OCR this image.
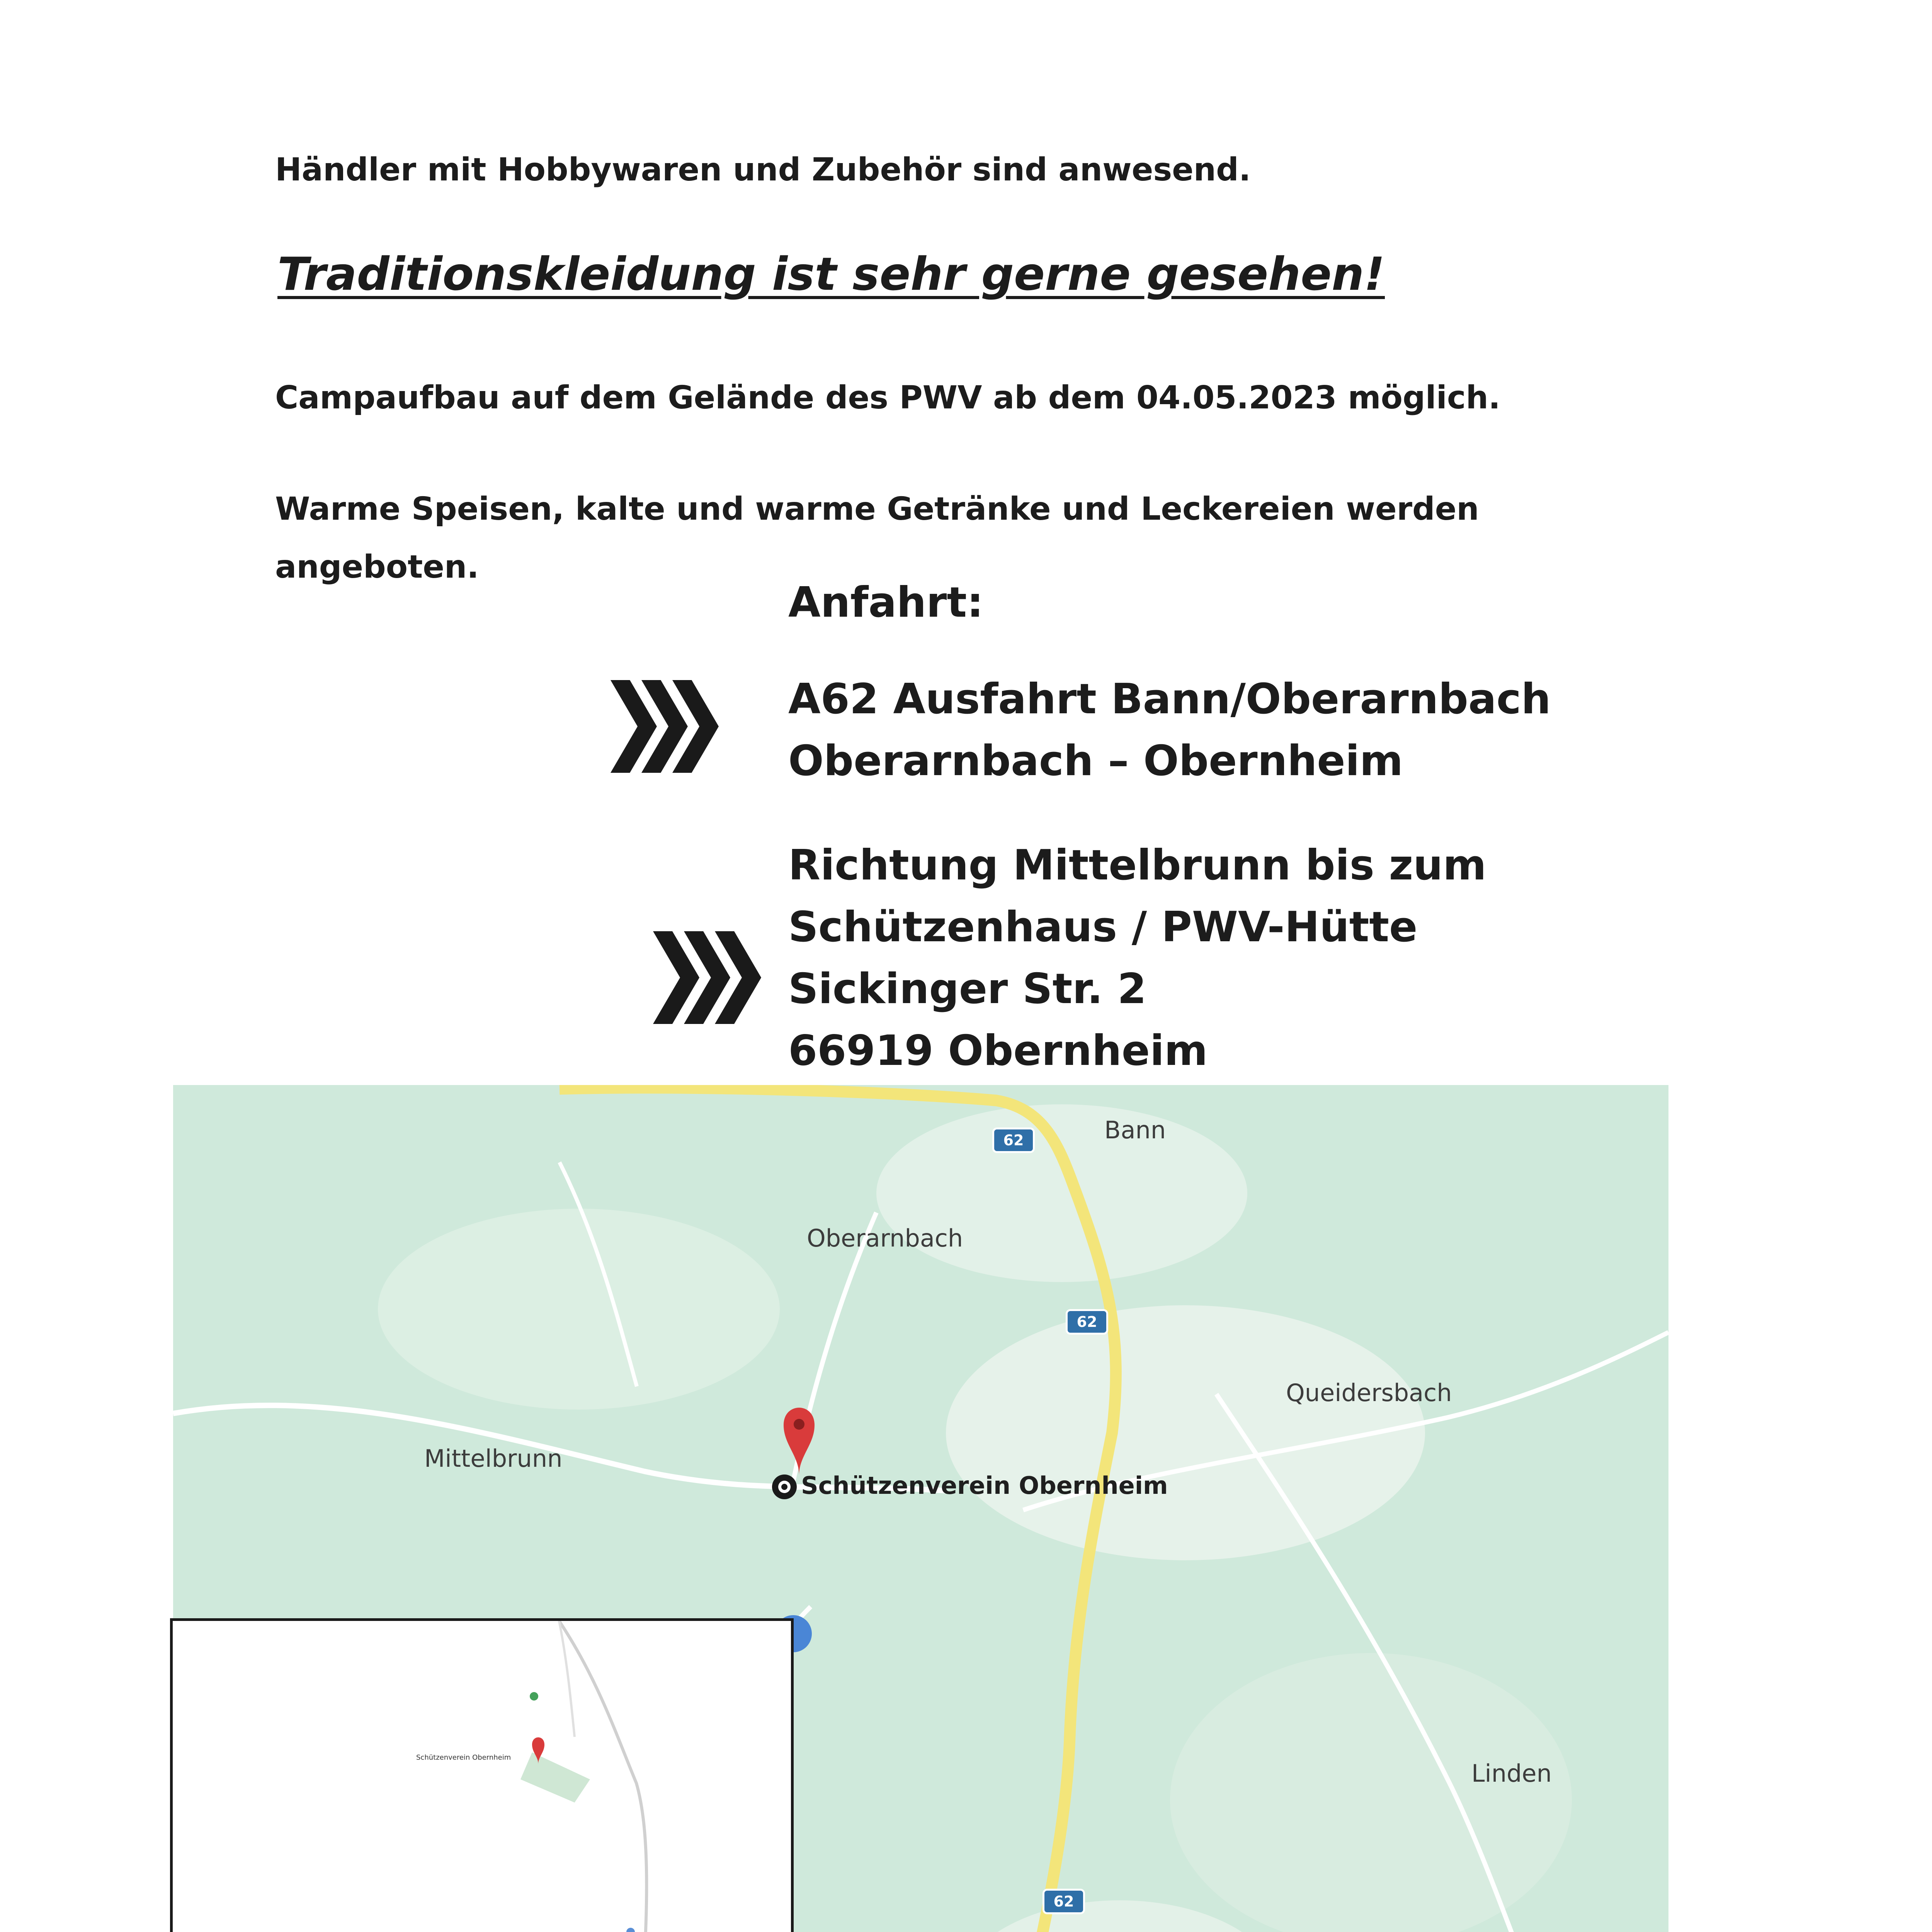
Händler mit Hobbywaren und Zubehör sind anwesend.
Traditionskleidung ist sehr gerne gesehen!
Campaufbau auf dem Gelände des PWV ab dem 04.05.2023 möglich.
Warme Speisen, kalte und warme Getränke und Leckereien werden
angeboten.
Anfahrt:
A62 Ausfahrt Bann/Oberarnbach
Oberarnbach – Obernheim
Richtung Mittelbrunn bis zum
Schützenhaus / PWV-Hütte
Sickinger Str. 2
66919 Obernheim
62
62
62
Bann
Oberarnbach
Queidersbach
Mittelbrunn
Schützenverein Obernheim
Linden
Schützenverein Obernheim
